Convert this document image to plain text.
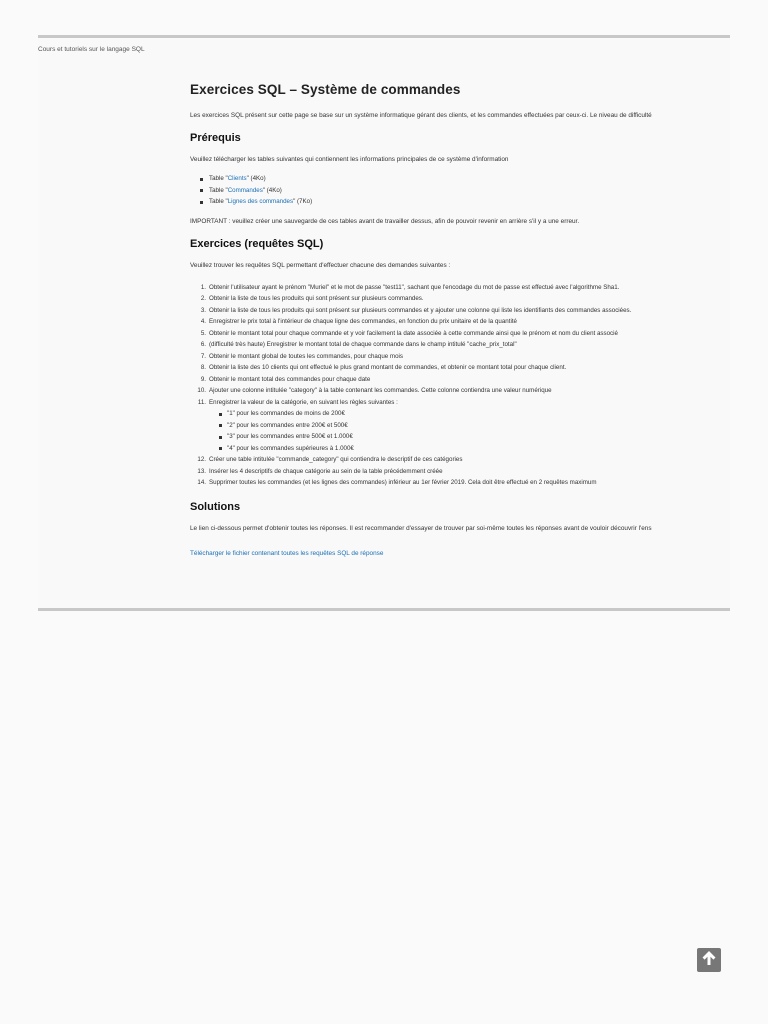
Cours et tutoriels sur le langage SQL
Exercices SQL – Système de commandes

Les exercices SQL présent sur cette page se base sur un système informatique gérant des clients, et les commandes effectuées par ceux-ci. Le niveau de difficulté

Prérequis

Veuillez télécharger les tables suivantes qui contiennent les informations principales de ce système d'information

Table "Clients" (4Ko)
Table "Commandes" (4Ko)
Table "Lignes des commandes" (7Ko)

IMPORTANT : veuillez créer une sauvegarde de ces tables avant de travailler dessus, afin de pouvoir revenir en arrière s'il y a une erreur.

Exercices (requêtes SQL)

Veuillez trouver les requêtes SQL permettant d'effectuer chacune des demandes suivantes :

1. Obtenir l'utilisateur ayant le prénom "Muriel" et le mot de passe "test11", sachant que l'encodage du mot de passe est effectué avec l'algorithme Sha1.
2. Obtenir la liste de tous les produits qui sont présent sur plusieurs commandes.
3. Obtenir la liste de tous les produits qui sont présent sur plusieurs commandes et y ajouter une colonne qui liste les identifiants des commandes associées.
4. Enregistrer le prix total à l'intérieur de chaque ligne des commandes, en fonction du prix unitaire et de la quantité
5. Obtenir le montant total pour chaque commande et y voir facilement la date associée à cette commande ainsi que le prénom et nom du client associé
6. (difficulté très haute) Enregistrer le montant total de chaque commande dans le champ intitulé "cache_prix_total"
7. Obtenir le montant global de toutes les commandes, pour chaque mois
8. Obtenir la liste des 10 clients qui ont effectué le plus grand montant de commandes, et obtenir ce montant total pour chaque client.
9. Obtenir le montant total des commandes pour chaque date
10. Ajouter une colonne intitulée "category" à la table contenant les commandes. Cette colonne contiendra une valeur numérique
11. Enregistrer la valeur de la catégorie, en suivant les règles suivantes :
"1" pour les commandes de moins de 200€
"2" pour les commandes entre 200€ et 500€
"3" pour les commandes entre 500€ et 1.000€
"4" pour les commandes supérieures à 1.000€
12. Créer une table intitulée "commande_category" qui contiendra le descriptif de ces catégories
13. Insérer les 4 descriptifs de chaque catégorie au sein de la table précédemment créée
14. Supprimer toutes les commandes (et les lignes des commandes) inférieur au 1er février 2019. Cela doit être effectué en 2 requêtes maximum
Solutions

Le lien ci-dessous permet d'obtenir toutes les réponses. Il est recommander d'essayer de trouver par soi-même toutes les réponses avant de vouloir découvrir l'ens

Télécharger le fichier contenant toutes les requêtes SQL de réponse
